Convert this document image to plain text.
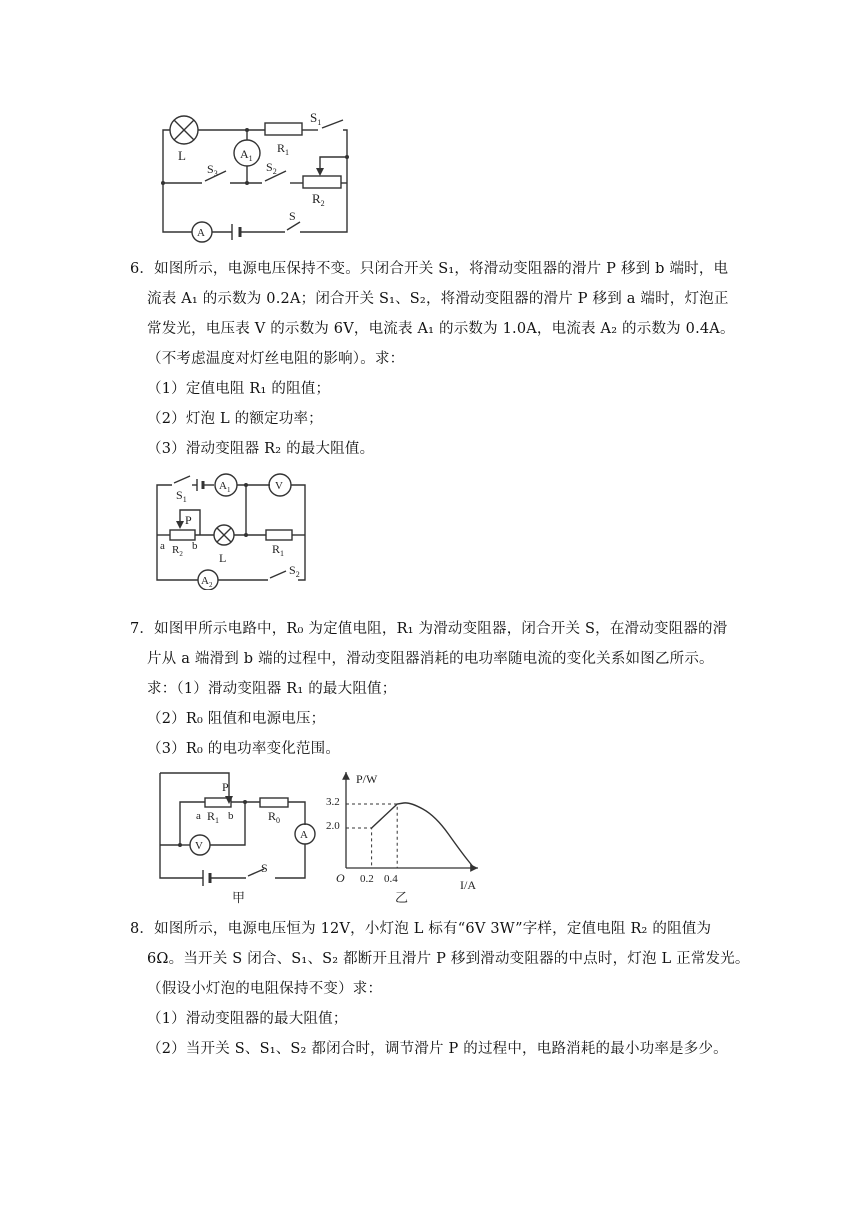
L	$A_1$
$R_1$
$S_1$
$S_3$	$S_2$
$R_2$
A
S
6．如图所示，电源电压保持不变。只闭合开关 S₁，将滑动变阻器的滑片 P 移到 b 端时，电
流表 A₁ 的示数为 0.2A；闭合开关 S₁、S₂，将滑动变阻器的滑片 P 移到 a 端时，灯泡正
常发光，电压表 V 的示数为 6V，电流表 A₁ 的示数为 1.0A，电流表 A₂ 的示数为 0.4A。
（不考虑温度对灯丝电阻的影响）。求：
（1）定值电阻 R₁ 的阻值；
（2）灯泡 L 的额定功率；
（3）滑动变阻器 R₂ 的最大阻值。
$S_1$
$A_1$	V
P
a $R_2$
b
L
$R_1$
$A_2$
$S_2$
7．如图甲所示电路中，R₀ 为定值电阻，R₁ 为滑动变阻器，闭合开关 S，在滑动变阻器的滑
片从 a 端滑到 b 端的过程中，滑动变阻器消耗的电功率随电流的变化关系如图乙所示。
求：（1）滑动变阻器 R₁ 的最大阻值；
（2）R₀ 阻值和电源电压；
（3）R₀ 的电功率变化范围。
P
a $R_1$ b	$R_0$
A
V
S
甲
P/W
I/A
O 0.2 0.4
2.0
3.2
乙
8．如图所示，电源电压恒为 12V，小灯泡 L 标有“6V 3W”字样，定值电阻 R₂ 的阻值为
6Ω。当开关 S 闭合、S₁、S₂ 都断开且滑片 P 移到滑动变阻器的中点时，灯泡 L 正常发光。
（假设小灯泡的电阻保持不变）求：
（1）滑动变阻器的最大阻值；
（2）当开关 S、S₁、S₂ 都闭合时，调节滑片 P 的过程中，电路消耗的最小功率是多少。
